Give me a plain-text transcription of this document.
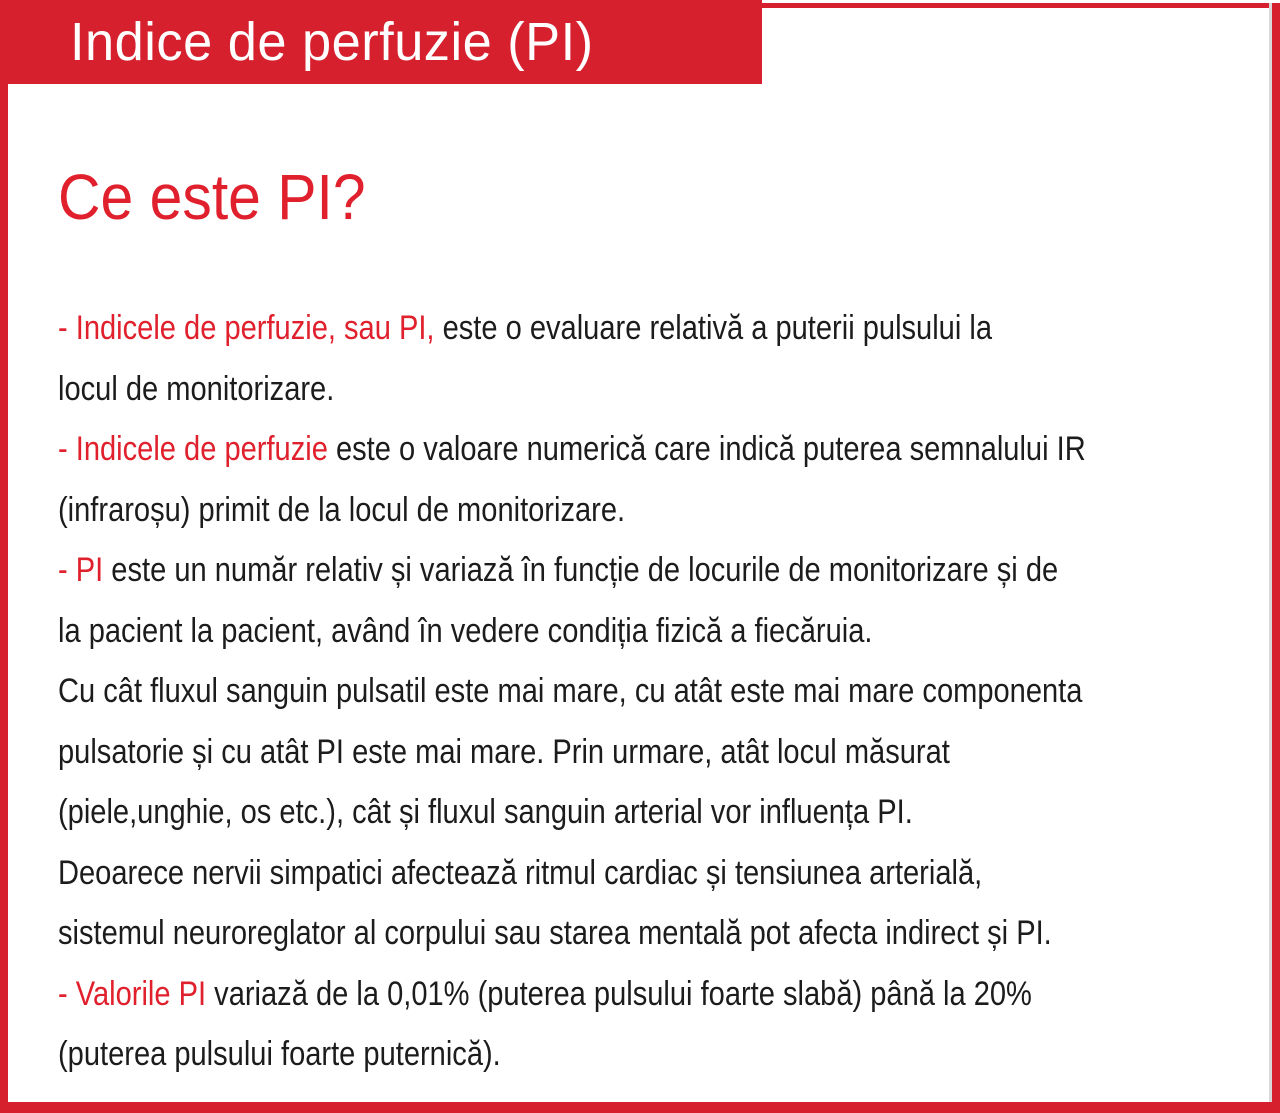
Indice de perfuzie (PI)
Ce este PI?
- Indicele de perfuzie, sau PI, este o evaluare relativă a puterii pulsului la
locul de monitorizare.
- Indicele de perfuzie este o valoare numerică care indică puterea semnalului IR
(infraroșu) primit de la locul de monitorizare.
- PI este un număr relativ și variază în funcție de locurile de monitorizare și de
la pacient la pacient, având în vedere condiția fizică a fiecăruia.
Cu cât fluxul sanguin pulsatil este mai mare, cu atât este mai mare componenta
pulsatorie și cu atât PI este mai mare. Prin urmare, atât locul măsurat
(piele,unghie, os etc.), cât și fluxul sanguin arterial vor influența PI.
Deoarece nervii simpatici afectează ritmul cardiac și tensiunea arterială,
sistemul neuroreglator al corpului sau starea mentală pot afecta indirect și PI.
- Valorile PI variază de la 0,01% (puterea pulsului foarte slabă) până la 20%
(puterea pulsului foarte puternică).
